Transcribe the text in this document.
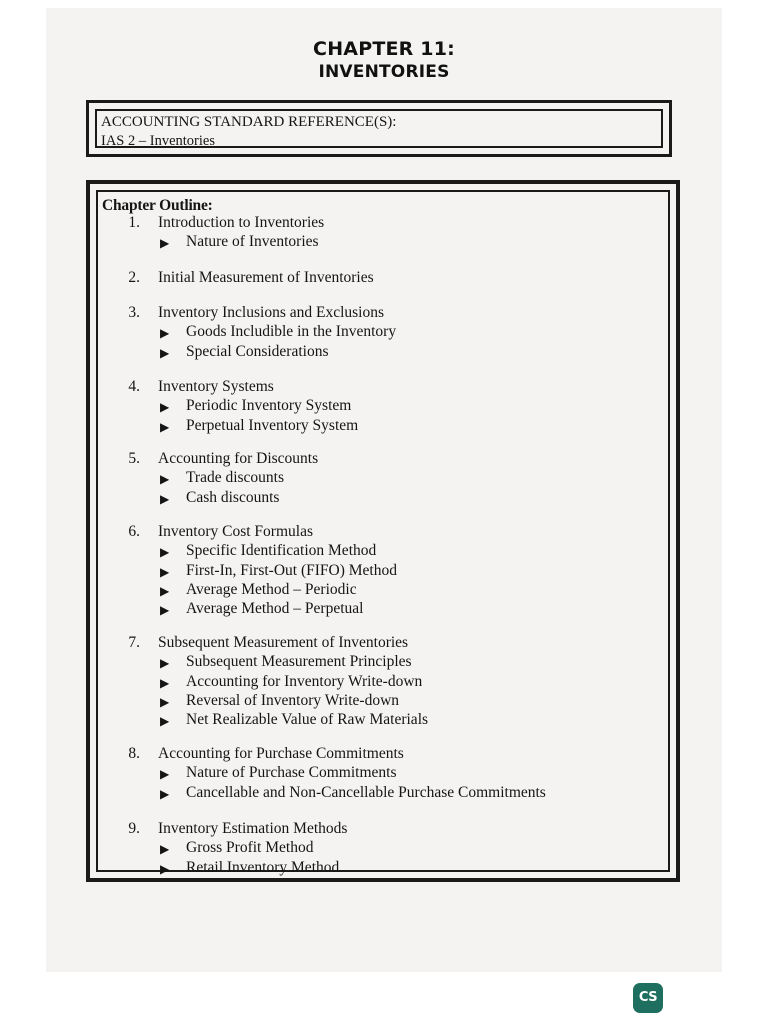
CHAPTER 11:
INVENTORIES
ACCOUNTING STANDARD REFERENCE(S):
IAS 2 – Inventories
Chapter Outline:
1. Introduction to Inventories
▶ Nature of Inventories
2. Initial Measurement of Inventories
3. Inventory Inclusions and Exclusions
▶ Goods Includible in the Inventory
▶ Special Considerations
4. Inventory Systems
▶ Periodic Inventory System
▶ Perpetual Inventory System
5. Accounting for Discounts
▶ Trade discounts
▶ Cash discounts
6. Inventory Cost Formulas
▶ Specific Identification Method
▶ First-In, First-Out (FIFO) Method
▶ Average Method – Periodic
▶ Average Method – Perpetual
7. Subsequent Measurement of Inventories
▶ Subsequent Measurement Principles
▶ Accounting for Inventory Write-down
▶ Reversal of Inventory Write-down
▶ Net Realizable Value of Raw Materials
8. Accounting for Purchase Commitments
▶ Nature of Purchase Commitments
▶ Cancellable and Non-Cancellable Purchase Commitments
9. Inventory Estimation Methods
▶ Gross Profit Method
▶ Retail Inventory Method
CS
